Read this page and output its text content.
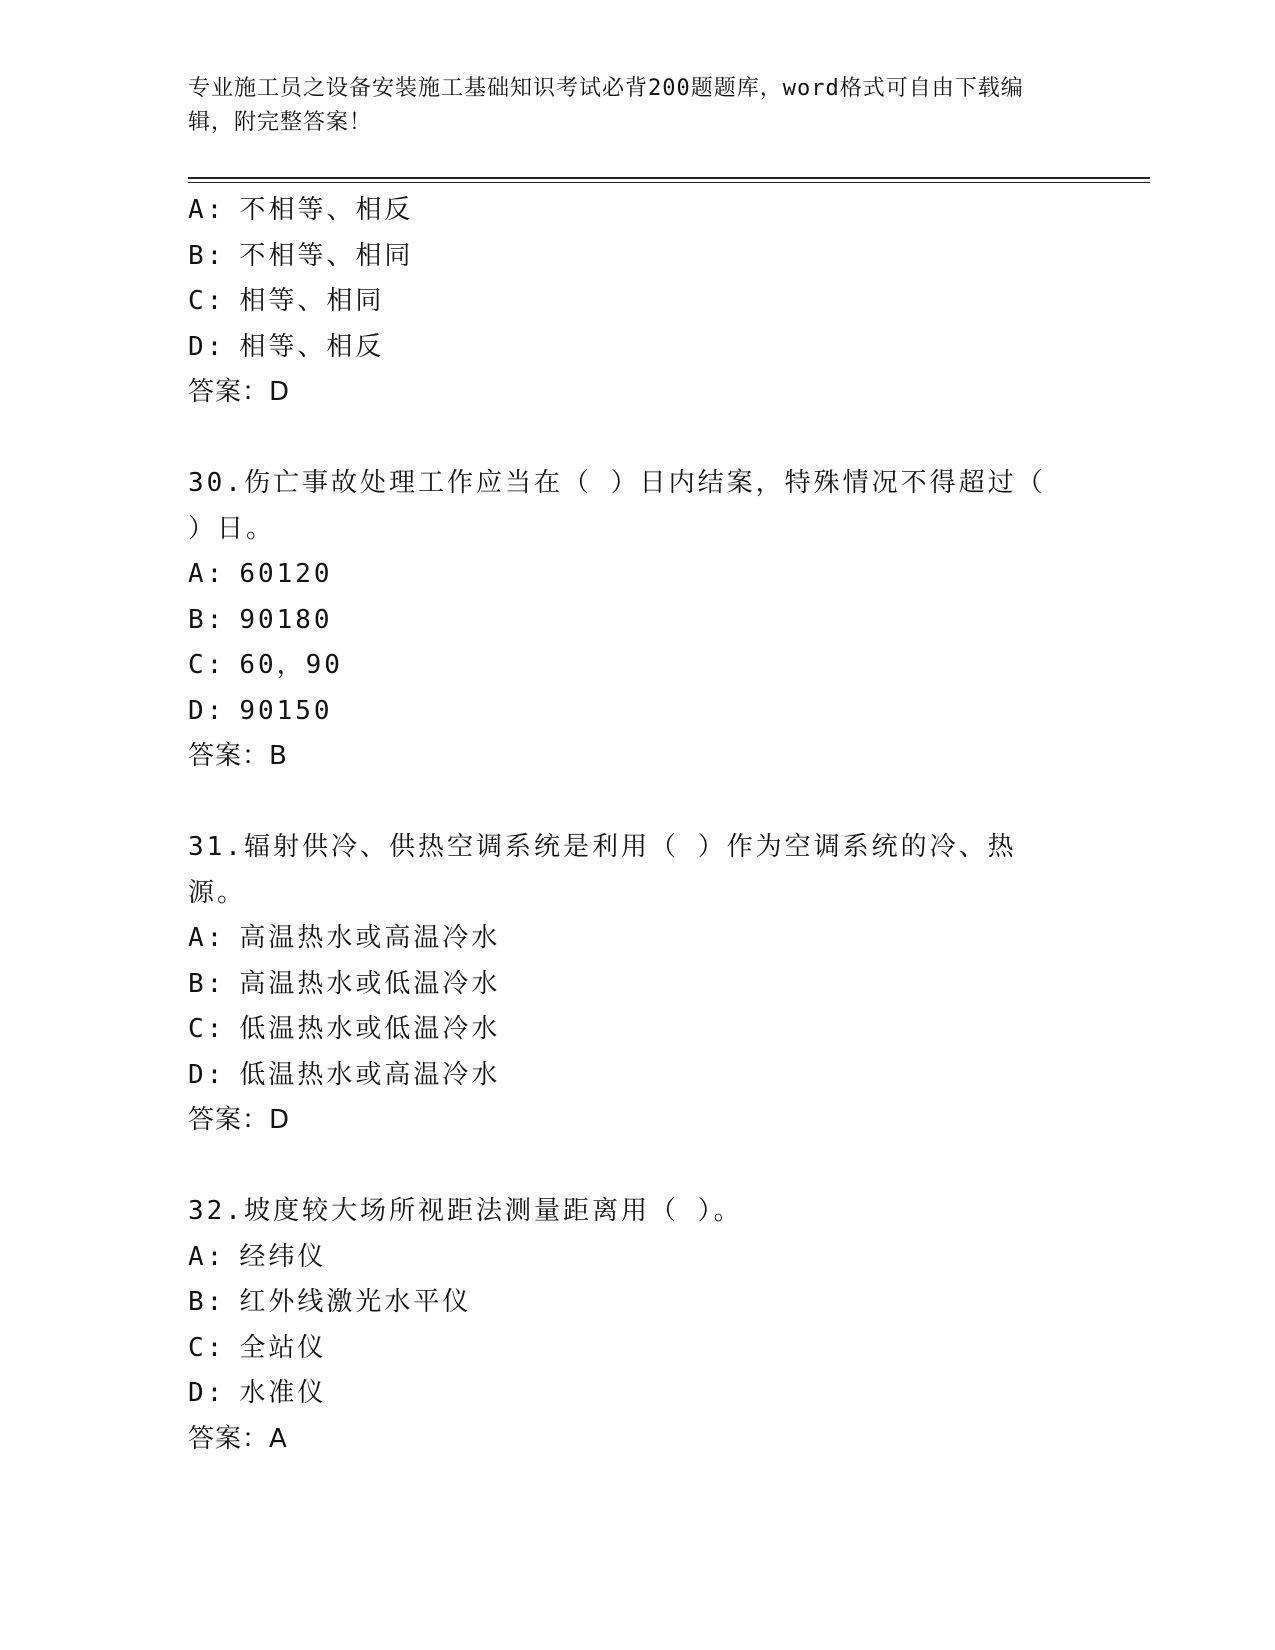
专业施工员之设备安装施工基础知识考试必背200题题库，word格式可自由下载编辑，附完整答案！
A: 不相等、相反
B: 不相等、相同
C: 相等、相同
D: 相等、相反
答案：D
30.伤亡事故处理工作应当在（ ）日内结案，特殊情况不得超过（ ）日。
A: 60120
B: 90180
C: 60，90
D: 90150
答案：B
31.辐射供冷、供热空调系统是利用（ ）作为空调系统的冷、热源。
A: 高温热水或高温冷水
B: 高温热水或低温冷水
C: 低温热水或低温冷水
D: 低温热水或高温冷水
答案：D
32.坡度较大场所视距法测量距离用（ ）。
A: 经纬仪
B: 红外线激光水平仪
C: 全站仪
D: 水准仪
答案：A
